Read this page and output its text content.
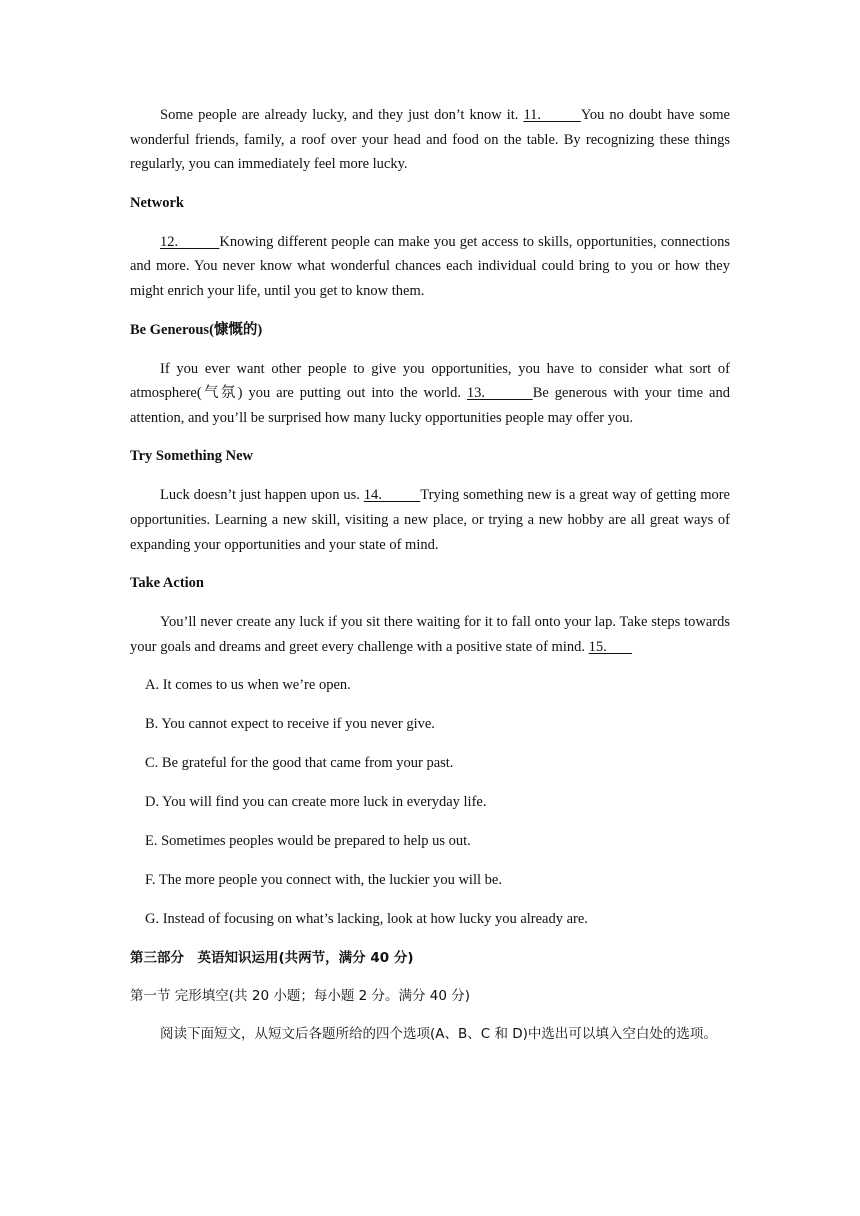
Some people are already lucky, and they just don’t know it. 11.        You no doubt have some wonderful friends, family, a roof over your head and food on the table. By recognizing these things regularly, you can immediately feel more lucky.

Network

12.          Knowing different people can make you get access to skills, opportunities, connections and more. You never know what wonderful chances each individual could bring to you or how they might enrich your life, until you get to know them.

Be Generous(慷慨的)

If you ever want other people to give you opportunities, you have to consider what sort of atmosphere(气氛) you are putting out into the world. 13.        Be generous with your time and attention, and you’ll be surprised how many lucky opportunities people may offer you.

Try Something New

Luck doesn’t just happen upon us. 14.          Trying something new is a great way of getting more opportunities. Learning a new skill, visiting a new place, or trying a new hobby are all great ways of expanding your opportunities and your state of mind.

Take Action

You’ll never create any luck if you sit there waiting for it to fall onto your lap. Take steps towards your goals and dreams and greet every challenge with a positive state of mind. 15.

A. It comes to us when we’re open.

B. You cannot expect to receive if you never give.

C. Be grateful for the good that came from your past.

D. You will find you can create more luck in everyday life.

E. Sometimes peoples would be prepared to help us out.

F. The more people you connect with, the luckier you will be.

G. Instead of focusing on what’s lacking, look at how lucky you already are.

第三部分　英语知识运用(共两节，满分 40 分)

第一节 完形填空(共 20 小题；每小题 2 分。满分 40 分)

阅读下面短文，从短文后各题所给的四个选项(A、B、C 和 D)中选出可以填入空白处的选项。
